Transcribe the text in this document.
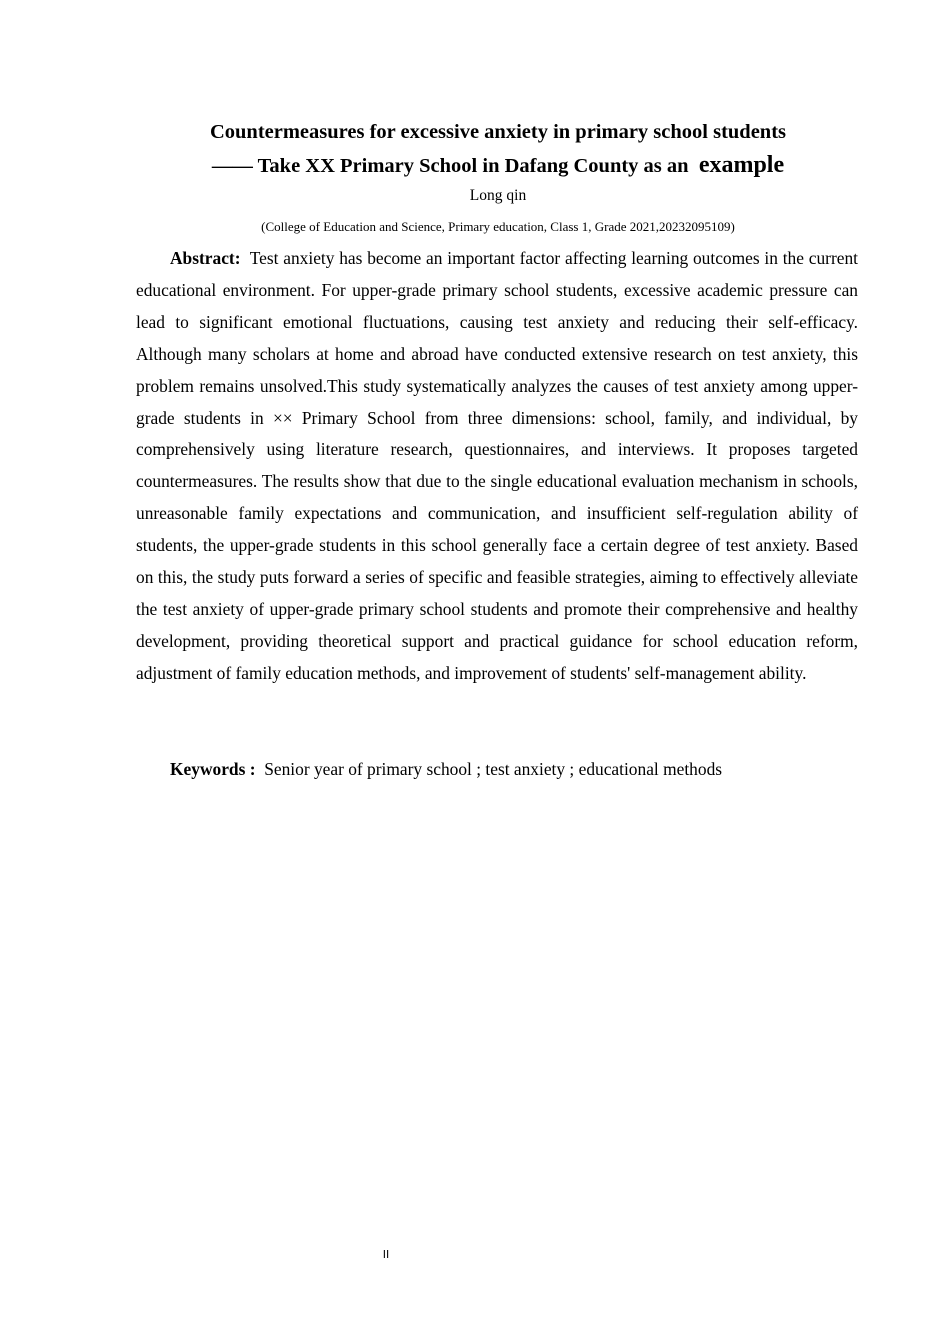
Countermeasures for excessive anxiety in primary school students
—— Take XX Primary School in Dafang County as an example
Long qin
(College of Education and Science, Primary education, Class 1, Grade 2021,20232095109)

Abstract: Test anxiety has become an important factor affecting learning outcomes in the current educational environment. For upper-grade primary school students, excessive academic pressure can lead to significant emotional fluctuations, causing test anxiety and reducing their self-efficacy. Although many scholars at home and abroad have conducted extensive research on test anxiety, this problem remains unsolved.This study systematically analyzes the causes of test anxiety among upper-grade students in ×× Primary School from three dimensions: school, family, and individual, by comprehensively using literature research, questionnaires, and interviews. It proposes targeted countermeasures. The results show that due to the single educational evaluation mechanism in schools, unreasonable family expectations and communication, and insufficient self-regulation ability of students, the upper-grade students in this school generally face a certain degree of test anxiety. Based on this, the study puts forward a series of specific and feasible strategies, aiming to effectively alleviate the test anxiety of upper-grade primary school students and promote their comprehensive and healthy development, providing theoretical support and practical guidance for school education reform, adjustment of family education methods, and improvement of students' self-management ability.

Keywords : Senior year of primary school ; test anxiety ; educational methods

II
